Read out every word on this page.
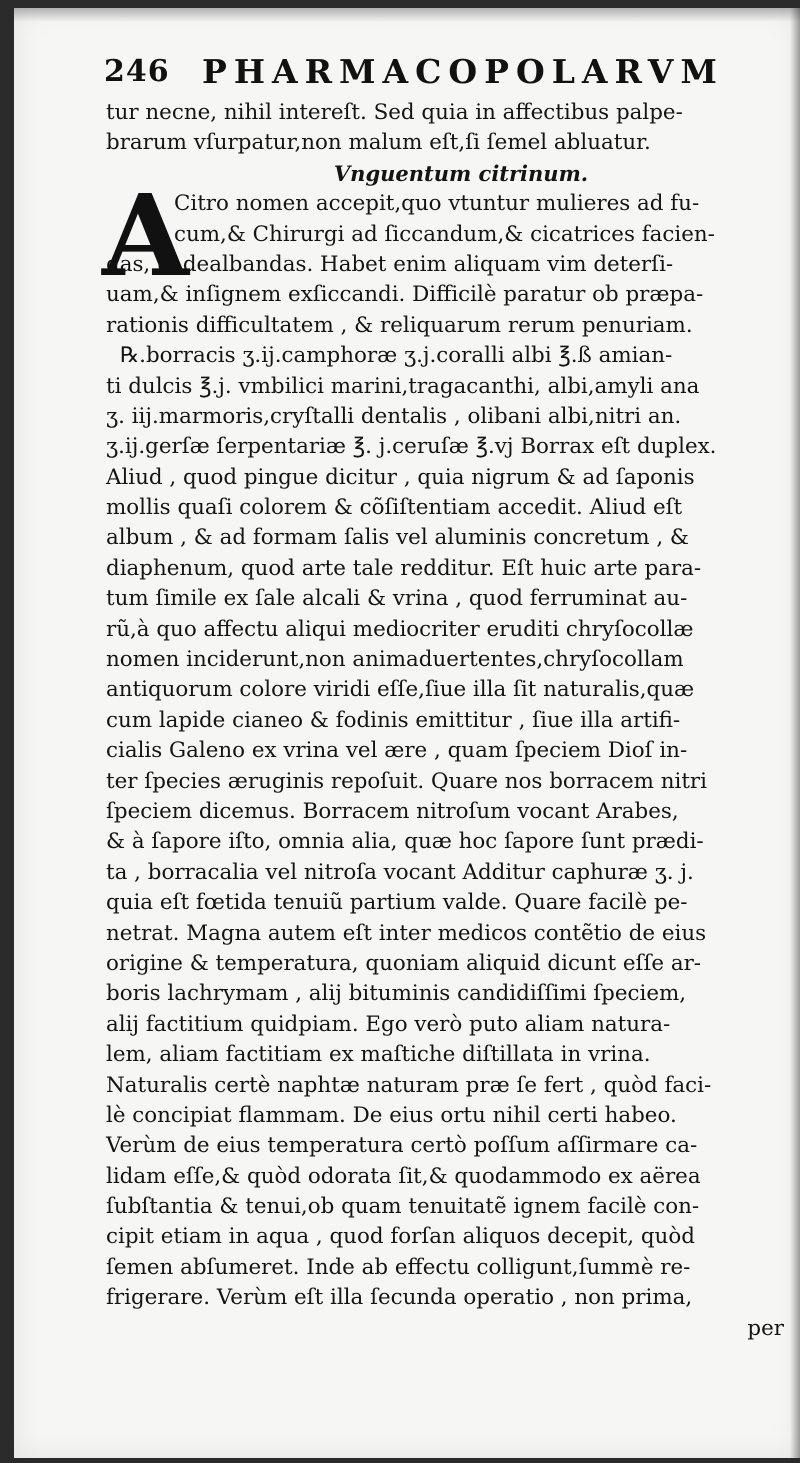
246 PHARMACOPOLARVM
tur necne, nihil intereſt. Sed quia in affectibus palpe-
brarum vſurpatur,non malum eſt,ſi ſemel abluatur.
Vnguentum citrinum.
A
Citro nomen accepit,quo vtuntur mulieres ad fu-
cum,& Chirurgi ad ſiccandum,& cicatrices facien-
das, & dealbandas. Habet enim aliquam vim deterſi-
uam,& inſignem exſiccandi. Difficilè paratur ob præpa-
rationis difficultatem , & reliquarum rerum penuriam.
℞.borracis ʒ.ij.camphoræ ʒ.j.coralli albi ℥.ß amian-
ti dulcis ℥.j. vmbilici marini,tragacanthi, albi,amyli ana
ʒ. iij.marmoris,cryſtalli dentalis , olibani albi,nitri an.
ʒ.ij.gerſæ ſerpentariæ ℥. j.ceruſæ ℥.vj Borrax eſt duplex.
Aliud , quod pingue dicitur , quia nigrum & ad ſaponis
mollis quaſi colorem & cõſiſtentiam accedit. Aliud eſt
album , & ad formam ſalis vel aluminis concretum , &
diaphenum, quod arte tale redditur. Eſt huic arte para-
tum ſimile ex ſale alcali & vrina , quod ferruminat au-
rũ,à quo affectu aliqui mediocriter eruditi chryſocollæ
nomen inciderunt,non animaduertentes,chryſocollam
antiquorum colore viridi eſſe,ſiue illa ſit naturalis,quæ
cum lapide cianeo & fodinis emittitur , ſiue illa artifi-
cialis Galeno ex vrina vel ære , quam ſpeciem Dioſ in-
ter ſpecies æruginis repoſuit. Quare nos borracem nitri
ſpeciem dicemus. Borracem nitroſum vocant Arabes,
& à ſapore iſto, omnia alia, quæ hoc ſapore ſunt prædi-
ta , borracalia vel nitroſa vocant Additur caphuræ ʒ. j.
quia eſt fœtida tenuiũ partium valde. Quare facilè pe-
netrat. Magna autem eſt inter medicos contẽtio de eius
origine & temperatura, quoniam aliquid dicunt eſſe ar-
boris lachrymam , alij bituminis candidiſſimi ſpeciem,
alij factitium quidpiam. Ego verò puto aliam natura-
lem, aliam factitiam ex maſtiche diſtillata in vrina.
Naturalis certè naphtæ naturam præ ſe fert , quòd faci-
lè concipiat flammam. De eius ortu nihil certi habeo.
Verùm de eius temperatura certò poſſum aſſirmare ca-
lidam eſſe,& quòd odorata ſit,& quodammodo ex aërea
ſubſtantia & tenui,ob quam tenuitatẽ ignem facilè con-
cipit etiam in aqua , quod forſan aliquos decepit, quòd
ſemen abſumeret. Inde ab effectu colligunt,ſummè re-
frigerare. Verùm eſt illa ſecunda operatio , non prima,
per
